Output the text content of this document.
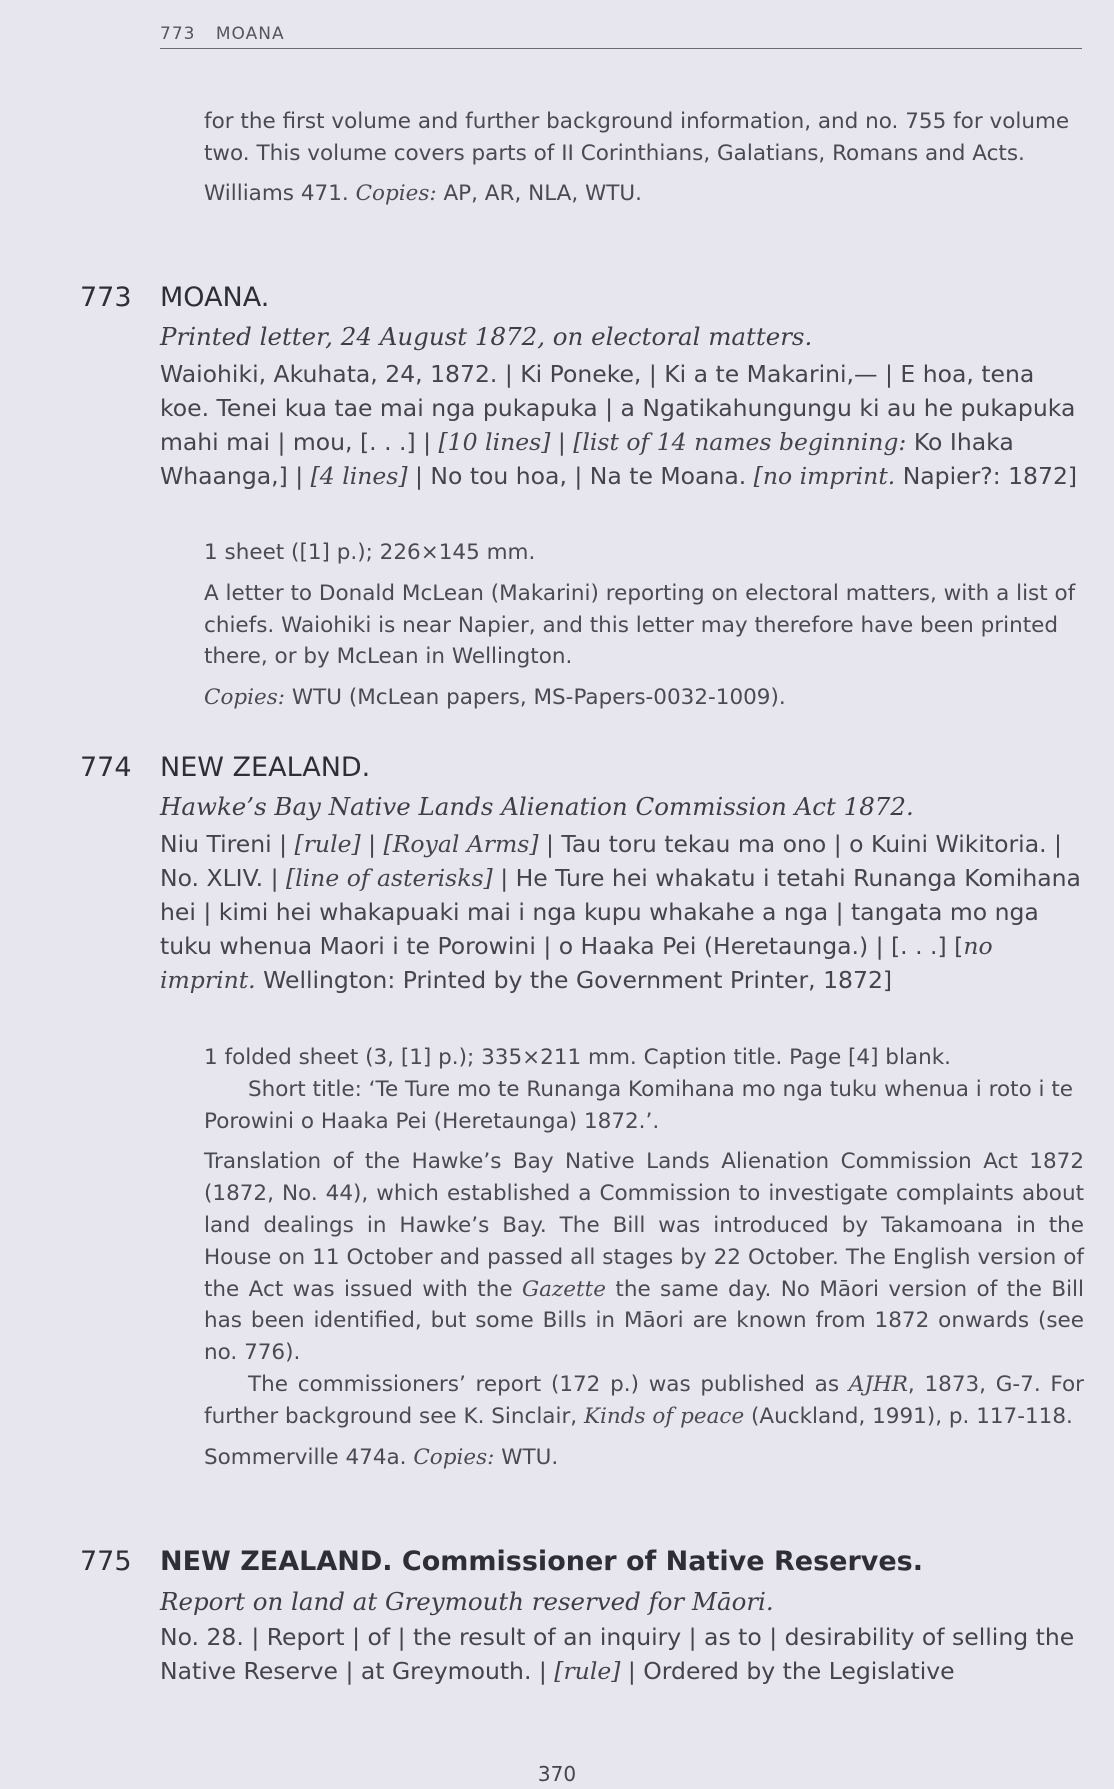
773 MOANA

for the first volume and further background information, and no. 755 for volume two. This volume covers parts of II Corinthians, Galatians, Romans and Acts.

Williams 471. Copies: AP, AR, NLA, WTU.

773 MOANA.
Printed letter, 24 August 1872, on electoral matters.

Waiohiki, Akuhata, 24, 1872. | Ki Poneke, | Ki a te Makarini,— | E hoa, tena koe. Tenei kua tae mai nga pukapuka | a Ngatikahungungu ki au he pukapuka mahi mai | mou, [. . .] | [10 lines] | [list of 14 names beginning: Ko Ihaka Whaanga,] | [4 lines] | No tou hoa, | Na te Moana. [no imprint. Napier?: 1872]

1 sheet ([1] p.); 226×145 mm.

A letter to Donald McLean (Makarini) reporting on electoral matters, with a list of chiefs. Waiohiki is near Napier, and this letter may therefore have been printed there, or by McLean in Wellington.

Copies: WTU (McLean papers, MS-Papers-0032-1009).

774 NEW ZEALAND.
Hawke’s Bay Native Lands Alienation Commission Act 1872.

Niu Tireni | [rule] | [Royal Arms] | Tau toru tekau ma ono | o Kuini Wikitoria. | No. XLIV. | [line of asterisks] | He Ture hei whakatu i tetahi Runanga Komihana hei | kimi hei whakapuaki mai i nga kupu whakahe a nga | tangata mo nga tuku whenua Maori i te Porowini | o Haaka Pei (Heretaunga.) | [. . .] [no imprint. Wellington: Printed by the Government Printer, 1872]

1 folded sheet (3, [1] p.); 335×211 mm. Caption title. Page [4] blank.

Short title: ‘Te Ture mo te Runanga Komihana mo nga tuku whenua i roto i te Porowini o Haaka Pei (Heretaunga) 1872.’.

Translation of the Hawke’s Bay Native Lands Alienation Commission Act 1872 (1872, No. 44), which established a Commission to investigate complaints about land dealings in Hawke’s Bay. The Bill was introduced by Takamoana in the House on 11 October and passed all stages by 22 October. The English version of the Act was issued with the Gazette the same day. No Māori version of the Bill has been identified, but some Bills in Māori are known from 1872 onwards (see no. 776).

The commissioners’ report (172 p.) was published as AJHR, 1873, G-7. For further background see K. Sinclair, Kinds of peace (Auckland, 1991), p. 117-118.

Sommerville 474a. Copies: WTU.

775 NEW ZEALAND. Commissioner of Native Reserves.
Report on land at Greymouth reserved for Māori.

No. 28. | Report | of | the result of an inquiry | as to | desirability of selling the Native Reserve | at Greymouth. | [rule] | Ordered by the Legislative

370
